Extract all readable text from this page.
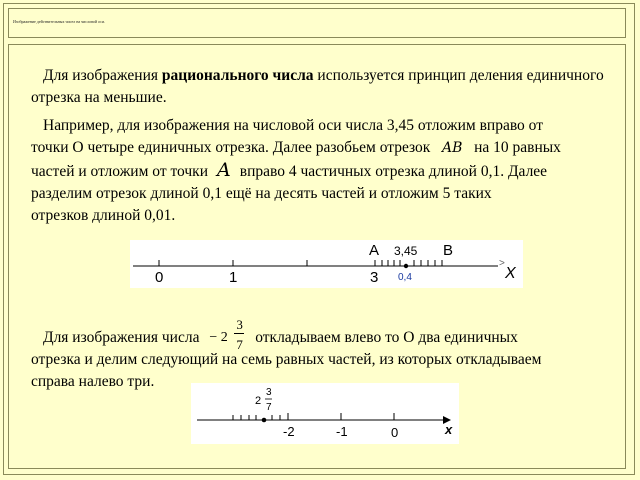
Изображение действительных чисел на числовой оси.

Для изображения рационального числа используется принцип деления единичного отрезка на меньшие.

Например, для изображения на числовой оси числа 3,45 отложим вправо от
точки О четыре единичных отрезка. Далее разобьем отрезок AB на 10 равных
частей и отложим от точки A вправо 4 частичных отрезка длиной 0,1. Далее
разделим отрезок длиной 0,1 ещё на десять частей и отложим 5 таких
отрезков длиной 0,01.
0	1	3
A 3,45 B
0,4
>
X
Для изображения числа − 2
3
7 откладываем влево то О два единичных
отрезка и делим следующий на семь равных частей, из которых откладываем
справа налево три.
2
3
7
-2	-1	0	x
